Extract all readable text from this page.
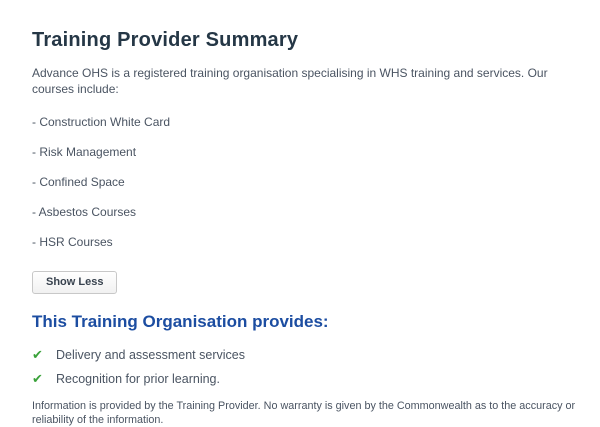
Training Provider Summary

Advance OHS is a registered training organisation specialising in WHS training and services. Our courses include:

- Construction White Card
- Risk Management
- Confined Space
- Asbestos Courses
- HSR Courses
Show Less
This Training Organisation provides:
✔	Delivery and assessment services
✔	Recognition for prior learning.

Information is provided by the Training Provider. No warranty is given by the Commonwealth as to the accuracy or reliability of the information.
